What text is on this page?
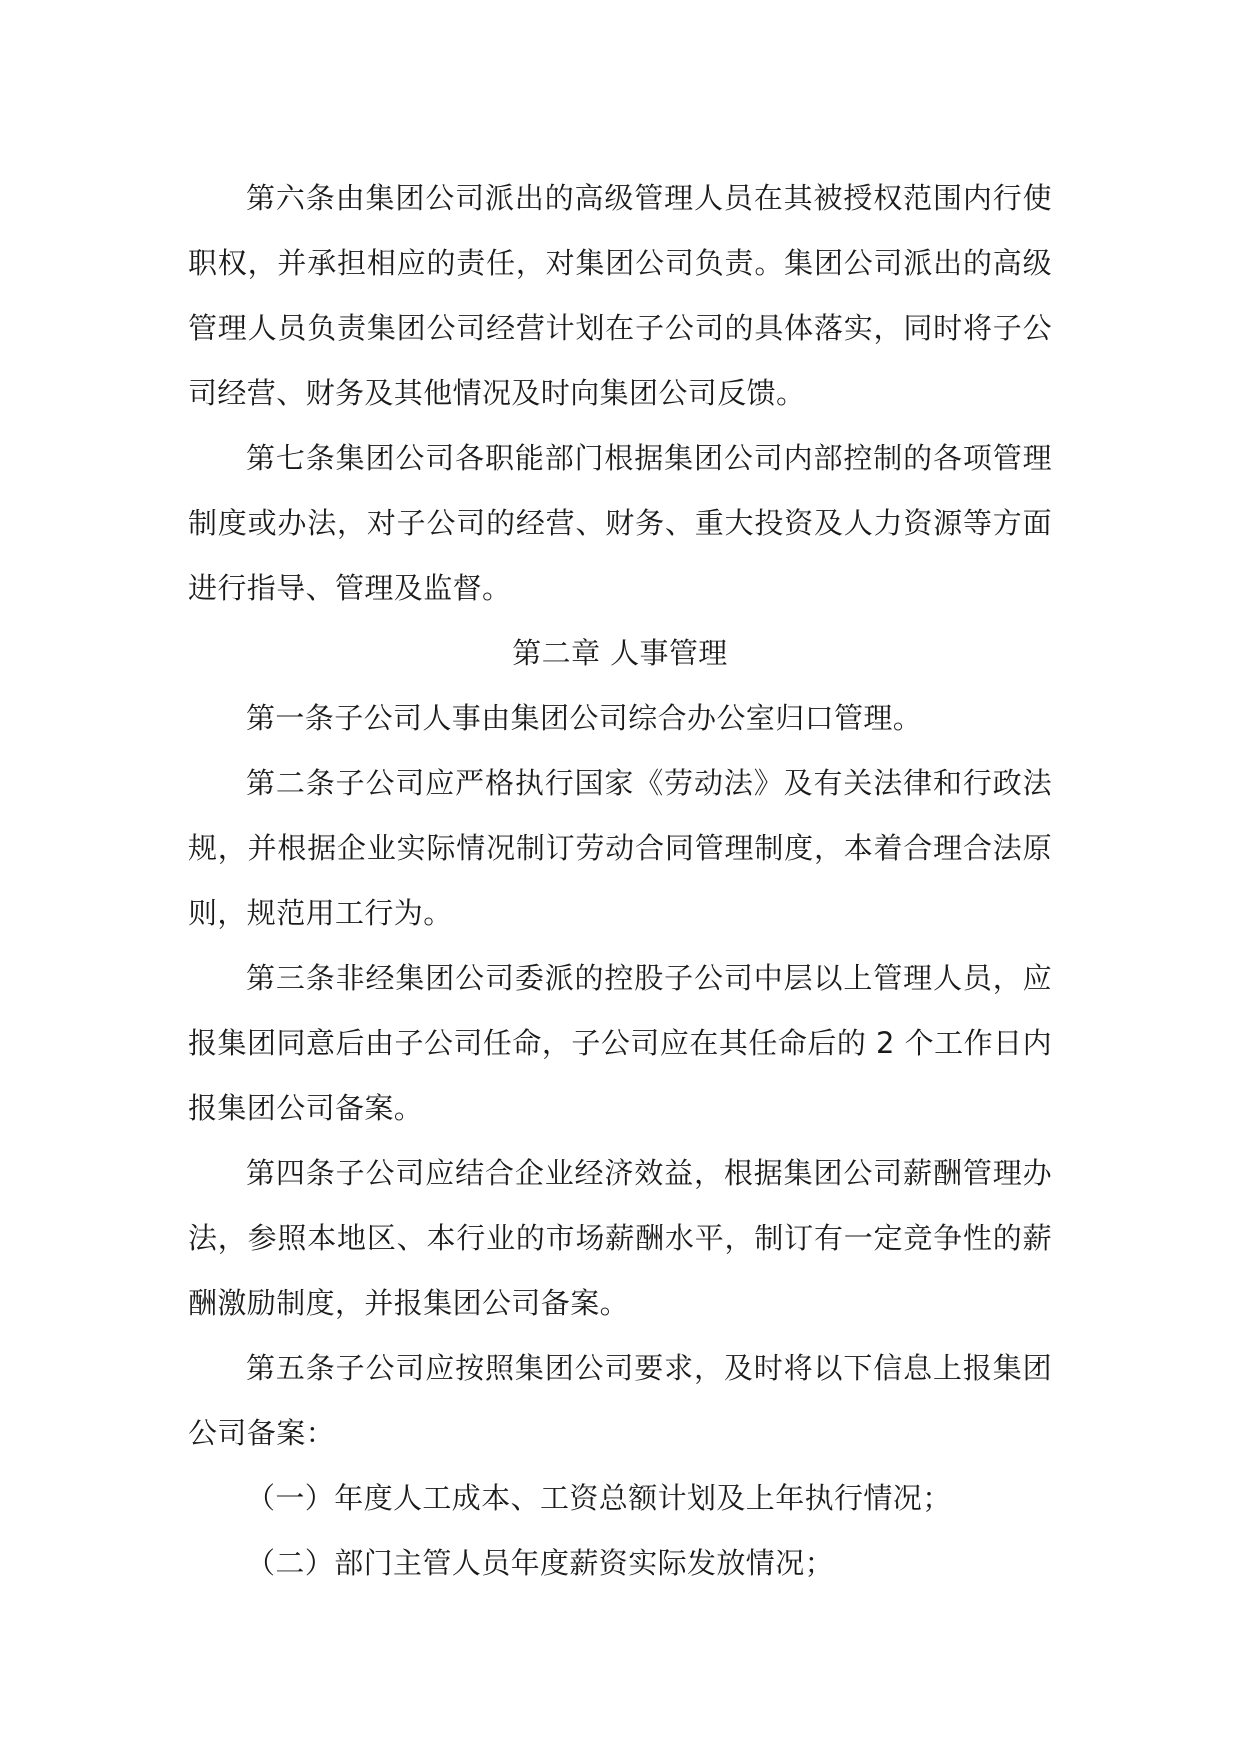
第六条由集团公司派出的高级管理人员在其被授权范围内行使职权，并承担相应的责任，对集团公司负责。集团公司派出的高级管理人员负责集团公司经营计划在子公司的具体落实，同时将子公司经营、财务及其他情况及时向集团公司反馈。

第七条集团公司各职能部门根据集团公司内部控制的各项管理制度或办法，对子公司的经营、财务、重大投资及人力资源等方面进行指导、管理及监督。

第二章 人事管理

第一条子公司人事由集团公司综合办公室归口管理。

第二条子公司应严格执行国家《劳动法》及有关法律和行政法规，并根据企业实际情况制订劳动合同管理制度，本着合理合法原则，规范用工行为。

第三条非经集团公司委派的控股子公司中层以上管理人员，应报集团同意后由子公司任命，子公司应在其任命后的 2 个工作日内报集团公司备案。

第四条子公司应结合企业经济效益，根据集团公司薪酬管理办法，参照本地区、本行业的市场薪酬水平，制订有一定竞争性的薪酬激励制度，并报集团公司备案。

第五条子公司应按照集团公司要求，及时将以下信息上报集团公司备案：

（一）年度人工成本、工资总额计划及上年执行情况；

（二）部门主管人员年度薪资实际发放情况；
